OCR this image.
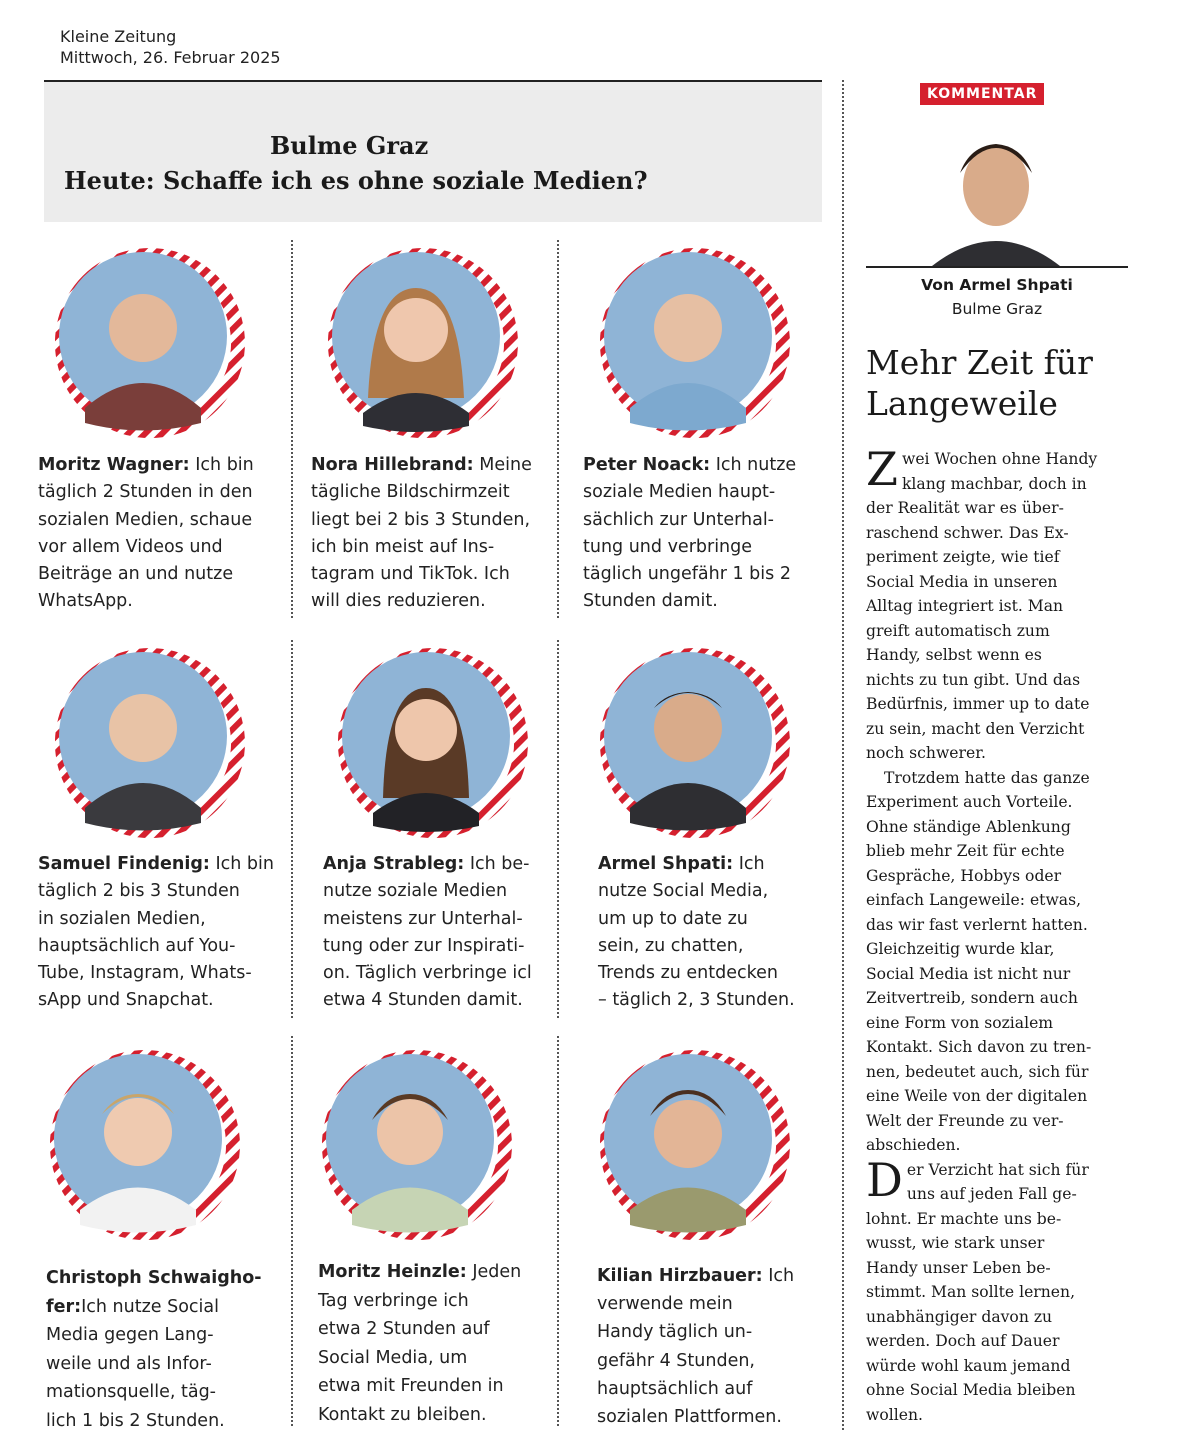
Kleine Zeitung
Mittwoch, 26. Februar 2025
Bulme Graz
Heute: Schaffe ich es ohne soziale Medien?
Moritz Wagner: Ich bin
täglich 2 Stunden in den
sozialen Medien, schaue
vor allem Videos und
Beiträge an und nutze
WhatsApp.
Nora Hillebrand: Meine
tägliche Bildschirmzeit
liegt bei 2 bis 3 Stunden,
ich bin meist auf Ins-
tagram und TikTok. Ich
will dies reduzieren.
Peter Noack: Ich nutze
soziale Medien haupt-
sächlich zur Unterhal-
tung und verbringe
täglich ungefähr 1 bis 2
Stunden damit.
Samuel Findenig: Ich bin
täglich 2 bis 3 Stunden
in sozialen Medien,
hauptsächlich auf You-
Tube, Instagram, Whats-
sApp und Snapchat.
Anja Strableg: Ich be-
nutze soziale Medien
meistens zur Unterhal-
tung oder zur Inspirati-
on. Täglich verbringe icl
etwa 4 Stunden damit.
Armel Shpati: Ich
nutze Social Media,
um up to date zu
sein, zu chatten,
Trends zu entdecken
– täglich 2, 3 Stunden.
Christoph Schwaigho-
fer:Ich nutze Social
Media gegen Lang-
weile und als Infor-
mationsquelle, täg-
lich 1 bis 2 Stunden.
Moritz Heinzle: Jeden
Tag verbringe ich
etwa 2 Stunden auf
Social Media, um
etwa mit Freunden in
Kontakt zu bleiben.
Kilian Hirzbauer: Ich
verwende mein
Handy täglich un-
gefähr 4 Stunden,
hauptsächlich auf
sozialen Plattformen.
KOMMENTAR
Von Armel Shpati
Bulme Graz
Mehr Zeit für
Langeweile

Zwei Wochen ohne Handy
klang machbar, doch in
der Realität war es über-
raschend schwer. Das Ex-
periment zeigte, wie tief
Social Media in unseren
Alltag integriert ist. Man
greift automatisch zum
Handy, selbst wenn es
nichts zu tun gibt. Und das
Bedürfnis, immer up to date
zu sein, macht den Verzicht
noch schwerer.

Trotzdem hatte das ganze
Experiment auch Vorteile.
Ohne ständige Ablenkung
blieb mehr Zeit für echte
Gespräche, Hobbys oder
einfach Langeweile: etwas,
das wir fast verlernt hatten.
Gleichzeitig wurde klar,
Social Media ist nicht nur
Zeitvertreib, sondern auch
eine Form von sozialem
Kontakt. Sich davon zu tren-
nen, bedeutet auch, sich für
eine Weile von der digitalen
Welt der Freunde zu ver-
abschieden.

Der Verzicht hat sich für
uns auf jeden Fall ge-
lohnt. Er machte uns be-
wusst, wie stark unser
Handy unser Leben be-
stimmt. Man sollte lernen,
unabhängiger davon zu
werden. Doch auf Dauer
würde wohl kaum jemand
ohne Social Media bleiben
wollen.
